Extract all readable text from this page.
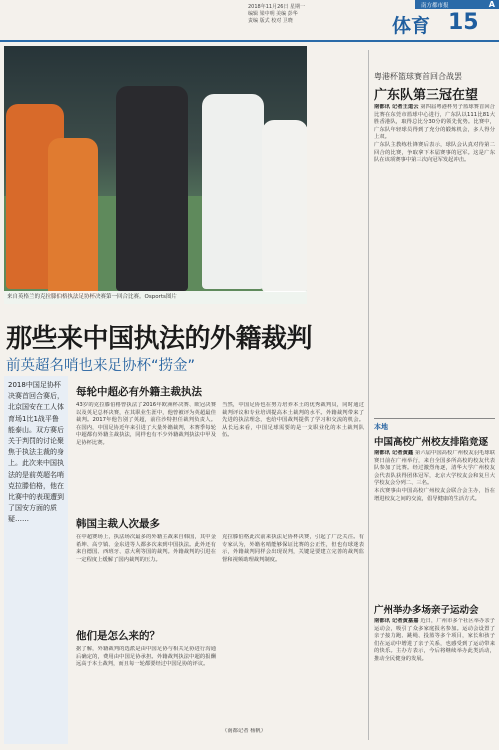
2018年11月26日 星期一
编辑 梁中明 美编 彭华
责编 版式 校对 卫晓
南方都市报	A
体育 15
来自英格兰的克拉滕伯格执法足协杯决赛第一回合比赛。Osports图片
那些来中国执法的外籍裁判
前英超名哨也来足协杯“捞金”
2018中国足协杯决赛首回合赛后，北京国安在工人体育场1比1战平鲁能泰山。双方赛后关于判罚的讨论聚焦于执法主裁的身上。此次来中国执法的是前英超名哨克拉滕伯格，他在比赛中的表现遭到了国安方面的质疑……
每轮中超必有外籍主裁执法
43岁的克拉滕伯格曾执法了2016年欧洲杯决赛、欧冠决赛以及英足总杯决赛，在其职业生涯中，他曾被评为英超最佳裁判。2017年他告别了英超，前往沙特担任裁判负责人。在国内，中国足协近年来引进了大量外籍裁判，本赛季每轮中超都有外籍主裁执法，同样也有不少外籍裁判执法中甲及足协杯比赛。
韩国主裁人次最多
在中超赛场上，执法场次最多的外籍主裁来自韩国，其中金希坤、高亨镇、金东进等人都多次来到中国执法。此外还有来自德国、西班牙、意大利等国的裁判。外籍裁判的引进在一定程度上缓解了国内裁判的压力。
他们是怎么来的？
据了解，外籍裁判的选派是由中国足协与相关足协进行沟通后确定的，费用由中国足协承担。外籍裁判执法中超的报酬远高于本土裁判，而且每一轮都要经过中国足协的评议。
当然，中国足协也在努力培养本土的优秀裁判员，同时通过裁判评议和专业培训提高本土裁判的水平。外籍裁判带来了先进的执法理念，也给中国裁判提供了学习和交流的机会。从长远来看，中国足球需要的是一支职业化的本土裁判队伍。
克拉滕伯格此次前来执法足协杯决赛，引起了广泛关注。有专家认为，外籍名哨能够保证比赛的公正性，但也有球迷表示，外籍裁判同样会出现误判，关键是要建立完善的裁判监督和视频助理裁判制度。
（南都记者 杨帆）
粤港杯篮球赛首回合战罢
广东队第三冠在望
南都讯 记者王道云 第四届粤港杯男子篮球赛首回合比赛在东莞市篮球中心进行，广东队以111比81大胜香港队，取得总比分30分的领先优势。比赛中，广东队年轻球员得到了充分的锻炼机会，多人得分上双。
广东队主教练杜锋赛后表示，球队会认真对待第二回合的比赛，争取拿下本届赛事的冠军。这是广东队在该项赛事中第三次向冠军发起冲击。
本地
中国高校广州校友排陷竞逐
南都讯 记者黄鑫 第六届中国高校广州校友羽毛球联赛日前在广州举行，来自全国多所高校的校友代表队参加了比赛。经过激烈角逐，清华大学广州校友会代表队获得团体冠军，北京大学校友会和复旦大学校友会分列二、三名。
本次赛事由中国高校广州校友会联合会主办，旨在增进校友之间的交流，倡导健康的生活方式。
广州举办多场亲子运动会
南都讯 记者黄嘉嘉 近日，广州市多个社区举办亲子运动会，吸引了众多家庭报名参加。运动会设置了亲子接力跑、跳绳、投篮等多个项目，家长和孩子们在运动中增进了亲子关系，也感受到了运动带来的快乐。主办方表示，今后将继续举办此类活动，推动全民健身的发展。
